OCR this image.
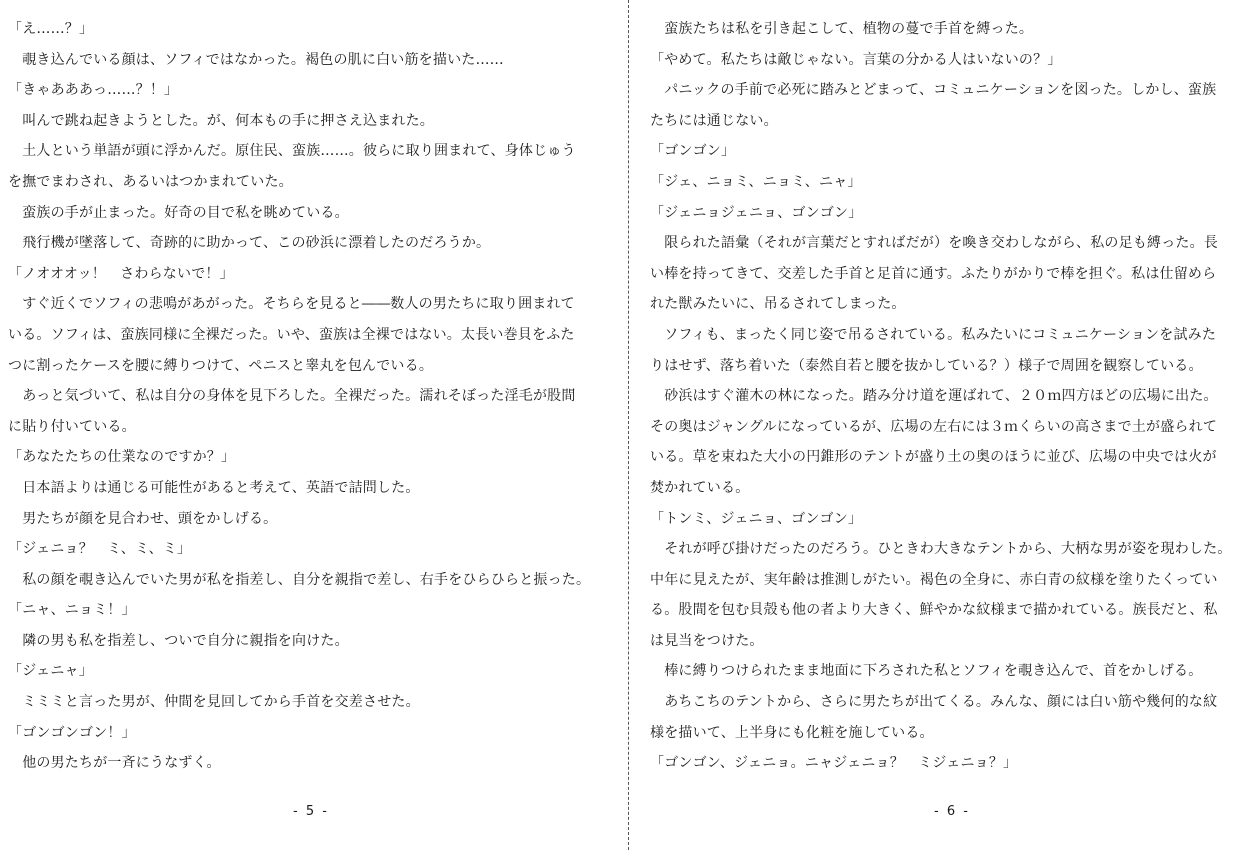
「え……？」
　覗き込んでいる顔は、ソフィではなかった。褐色の肌に白い筋を描いた……
「きゃあああっ……？！」
　叫んで跳ね起きようとした。が、何本もの手に押さえ込まれた。
　土人という単語が頭に浮かんだ。原住民、蛮族……。彼らに取り囲まれて、身体じゅう
を撫でまわされ、あるいはつかまれていた。
　蛮族の手が止まった。好奇の目で私を眺めている。
　飛行機が墜落して、奇跡的に助かって、この砂浜に漂着したのだろうか。
「ノオオオッ！　さわらないで！」
　すぐ近くでソフィの悲鳴があがった。そちらを見ると――数人の男たちに取り囲まれて
いる。ソフィは、蛮族同様に全裸だった。いや、蛮族は全裸ではない。太長い巻貝をふた
つに割ったケースを腰に縛りつけて、ペニスと睾丸を包んでいる。
　あっと気づいて、私は自分の身体を見下ろした。全裸だった。濡れそぼった淫毛が股間
に貼り付いている。
「あなたたちの仕業なのですか？」
　日本語よりは通じる可能性があると考えて、英語で詰問した。
　男たちが顔を見合わせ、頭をかしげる。
「ジェニョ？　ミ、ミ、ミ」
　私の顔を覗き込んでいた男が私を指差し、自分を親指で差し、右手をひらひらと振った。
「ニャ、ニョミ！」
　隣の男も私を指差し、ついで自分に親指を向けた。
「ジェニャ」
　ミミミと言った男が、仲間を見回してから手首を交差させた。
「ゴンゴンゴン！」
　他の男たちが一斉にうなずく。
- 5 -
　蛮族たちは私を引き起こして、植物の蔓で手首を縛った。
「やめて。私たちは敵じゃない。言葉の分かる人はいないの？」
　パニックの手前で必死に踏みとどまって、コミュニケーションを図った。しかし、蛮族
たちには通じない。
「ゴンゴン」
「ジェ、ニョミ、ニョミ、ニャ」
「ジェニョジェニョ、ゴンゴン」
　限られた語彙（それが言葉だとすればだが）を喚き交わしながら、私の足も縛った。長
い棒を持ってきて、交差した手首と足首に通す。ふたりがかりで棒を担ぐ。私は仕留めら
れた獣みたいに、吊るされてしまった。
　ソフィも、まったく同じ姿で吊るされている。私みたいにコミュニケーションを試みた
りはせず、落ち着いた（泰然自若と腰を抜かしている？）様子で周囲を観察している。
　砂浜はすぐ灌木の林になった。踏み分け道を運ばれて、２０ｍ四方ほどの広場に出た。
その奥はジャングルになっているが、広場の左右には３ｍくらいの高さまで土が盛られて
いる。草を束ねた大小の円錐形のテントが盛り土の奥のほうに並び、広場の中央では火が
焚かれている。
「トンミ、ジェニョ、ゴンゴン」
　それが呼び掛けだったのだろう。ひときわ大きなテントから、大柄な男が姿を現わした。
中年に見えたが、実年齢は推測しがたい。褐色の全身に、赤白青の紋様を塗りたくってい
る。股間を包む貝殻も他の者より大きく、鮮やかな紋様まで描かれている。族長だと、私
は見当をつけた。
　棒に縛りつけられたまま地面に下ろされた私とソフィを覗き込んで、首をかしげる。
　あちこちのテントから、さらに男たちが出てくる。みんな、顔には白い筋や幾何的な紋
様を描いて、上半身にも化粧を施している。
「ゴンゴン、ジェニョ。ニャジェニョ？　ミジェニョ？」
- 6 -
